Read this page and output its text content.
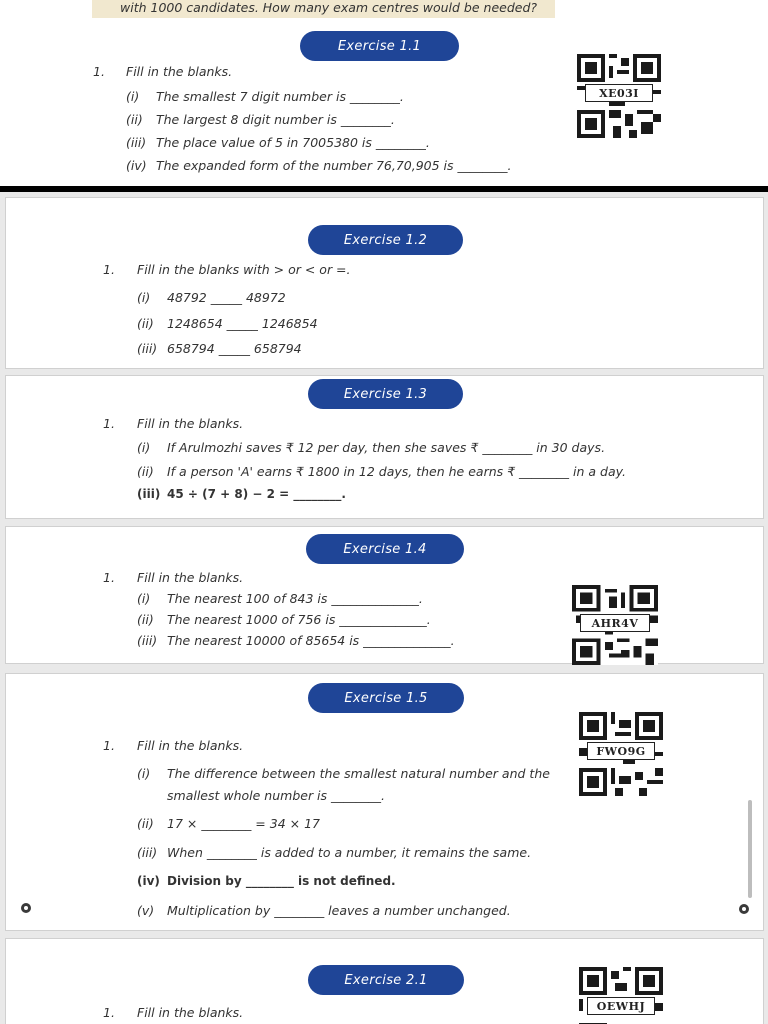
with 1000 candidates. How many exam centres would be needed?
Exercise 1.1
1. Fill in the blanks.
(i) The smallest 7 digit number is ________.
(ii) The largest 8 digit number is ________.
(iii) The place value of 5 in 7005380 is ________.
(iv) The expanded form of the number 76,70,905 is ________.
XE03I
Exercise 1.2
1. Fill in the blanks with > or < or =.
(i) 48792 _____ 48972
(ii) 1248654 _____ 1246854
(iii) 658794 _____ 658794
Exercise 1.3
1. Fill in the blanks.
(i) If Arulmozhi saves ₹ 12 per day, then she saves ₹ ________ in 30 days.
(ii) If a person 'A' earns ₹ 1800 in 12 days, then he earns ₹ ________ in a day.
(iii) 45 ÷ (7 + 8) − 2 = ________.
Exercise 1.4
1. Fill in the blanks.
(i) The nearest 100 of 843 is ______________.
(ii) The nearest 1000 of 756 is ______________.
(iii) The nearest 10000 of 85654 is ______________.
AHR4V
Exercise 1.5
1. Fill in the blanks.
(i) The difference between the smallest natural number and the
smallest whole number is ________.
(ii) 17 × ________ = 34 × 17
(iii) When ________ is added to a number, it remains the same.
(iv) Division by ________ is not defined.
(v) Multiplication by ________ leaves a number unchanged.
FWO9G
Exercise 2.1
1. Fill in the blanks.	OEWHJ
